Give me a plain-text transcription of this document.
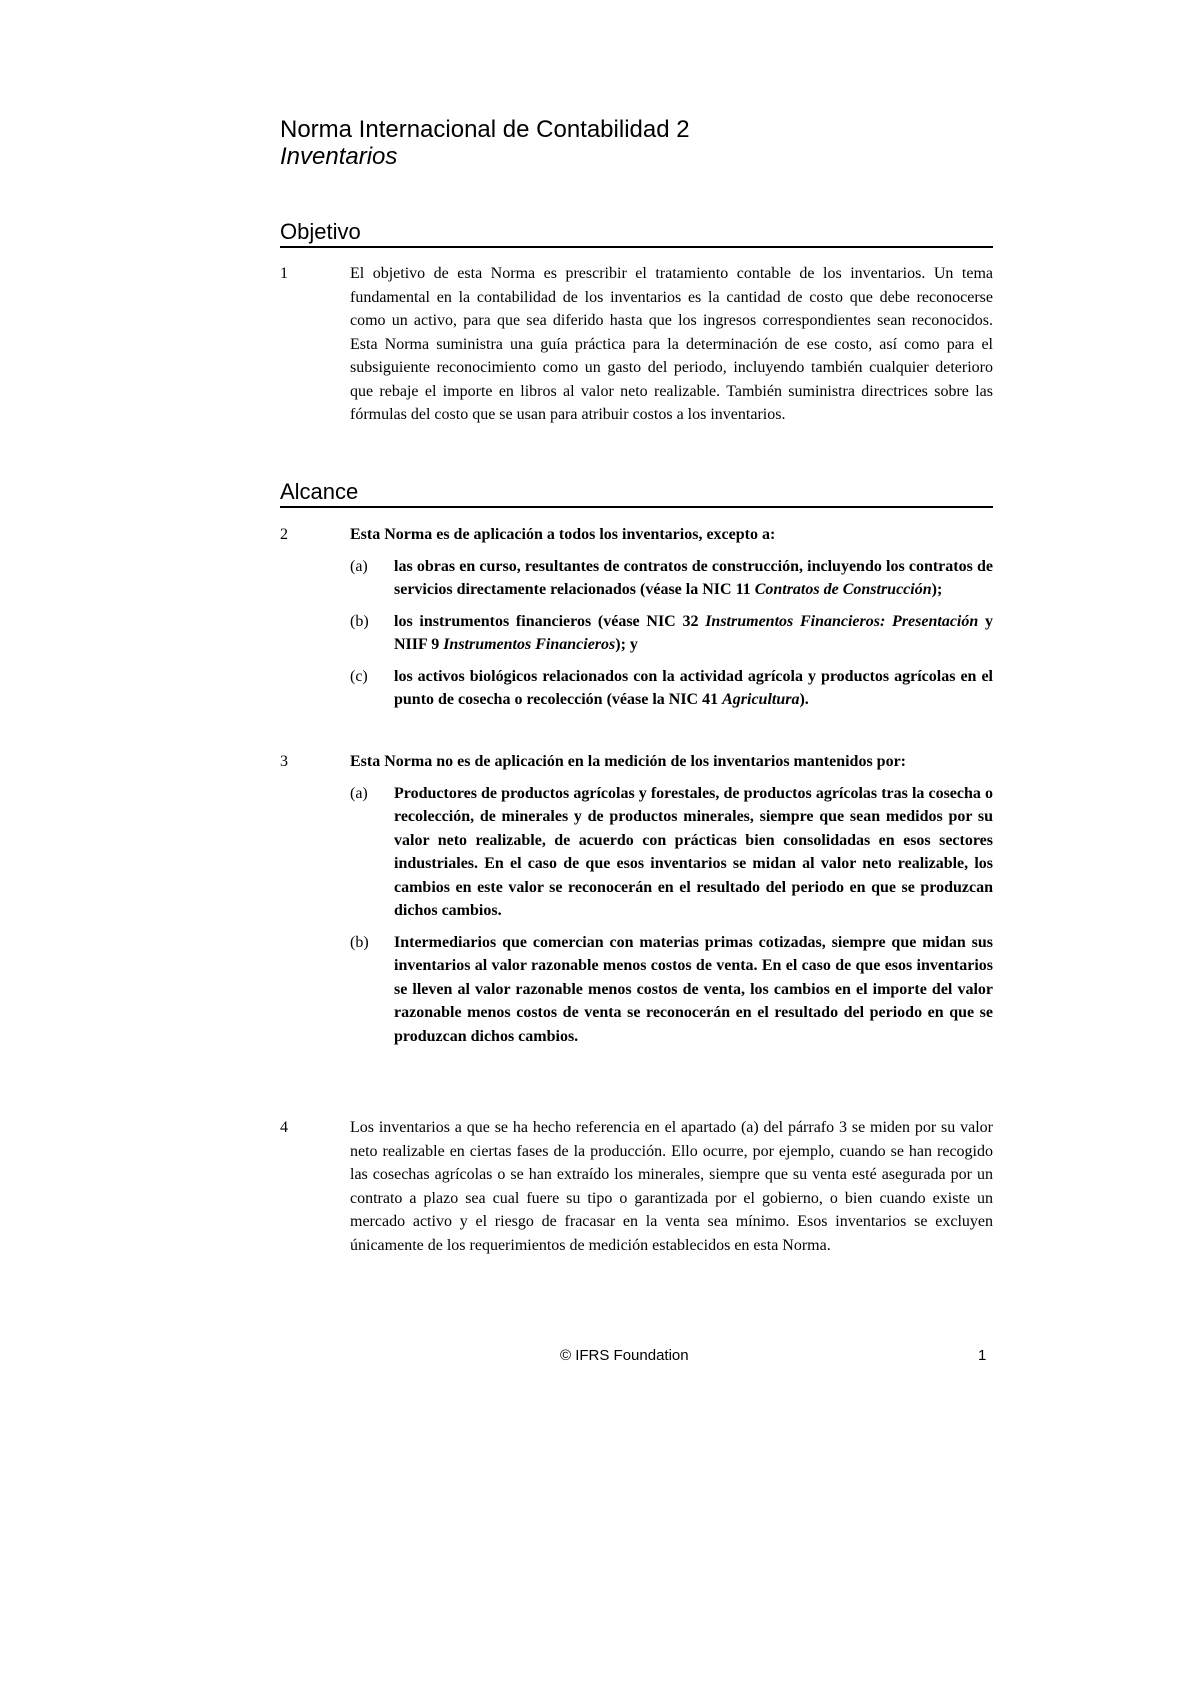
Norma Internacional de Contabilidad 2
Inventarios
Objetivo
1	El objetivo de esta Norma es prescribir el tratamiento contable de los inventarios. Un tema fundamental en la contabilidad de los inventarios es la cantidad de costo que debe reconocerse como un activo, para que sea diferido hasta que los ingresos correspondientes sean reconocidos. Esta Norma suministra una guía práctica para la determinación de ese costo, así como para el subsiguiente reconocimiento como un gasto del periodo, incluyendo también cualquier deterioro que rebaje el importe en libros al valor neto realizable. También suministra directrices sobre las fórmulas del costo que se usan para atribuir costos a los inventarios.
Alcance
2	Esta Norma es de aplicación a todos los inventarios, excepto a:
(a)	las obras en curso, resultantes de contratos de construcción, incluyendo los contratos de servicios directamente relacionados (véase la NIC 11 Contratos de Construcción);
(b)	los instrumentos financieros (véase NIC 32 Instrumentos Financieros: Presentación y NIIF 9 Instrumentos Financieros); y
(c)	los activos biológicos relacionados con la actividad agrícola y productos agrícolas en el punto de cosecha o recolección (véase la NIC 41 Agricultura).
3	Esta Norma no es de aplicación en la medición de los inventarios mantenidos por:
(a)	Productores de productos agrícolas y forestales, de productos agrícolas tras la cosecha o recolección, de minerales y de productos minerales, siempre que sean medidos por su valor neto realizable, de acuerdo con prácticas bien consolidadas en esos sectores industriales. En el caso de que esos inventarios se midan al valor neto realizable, los cambios en este valor se reconocerán en el resultado del periodo en que se produzcan dichos cambios.
(b)	Intermediarios que comercian con materias primas cotizadas, siempre que midan sus inventarios al valor razonable menos costos de venta. En el caso de que esos inventarios se lleven al valor razonable menos costos de venta, los cambios en el importe del valor razonable menos costos de venta se reconocerán en el resultado del periodo en que se produzcan dichos cambios.
4	Los inventarios a que se ha hecho referencia en el apartado (a) del párrafo 3 se miden por su valor neto realizable en ciertas fases de la producción. Ello ocurre, por ejemplo, cuando se han recogido las cosechas agrícolas o se han extraído los minerales, siempre que su venta esté asegurada por un contrato a plazo sea cual fuere su tipo o garantizada por el gobierno, o bien cuando existe un mercado activo y el riesgo de fracasar en la venta sea mínimo. Esos inventarios se excluyen únicamente de los requerimientos de medición establecidos en esta Norma.
© IFRS Foundation	1
